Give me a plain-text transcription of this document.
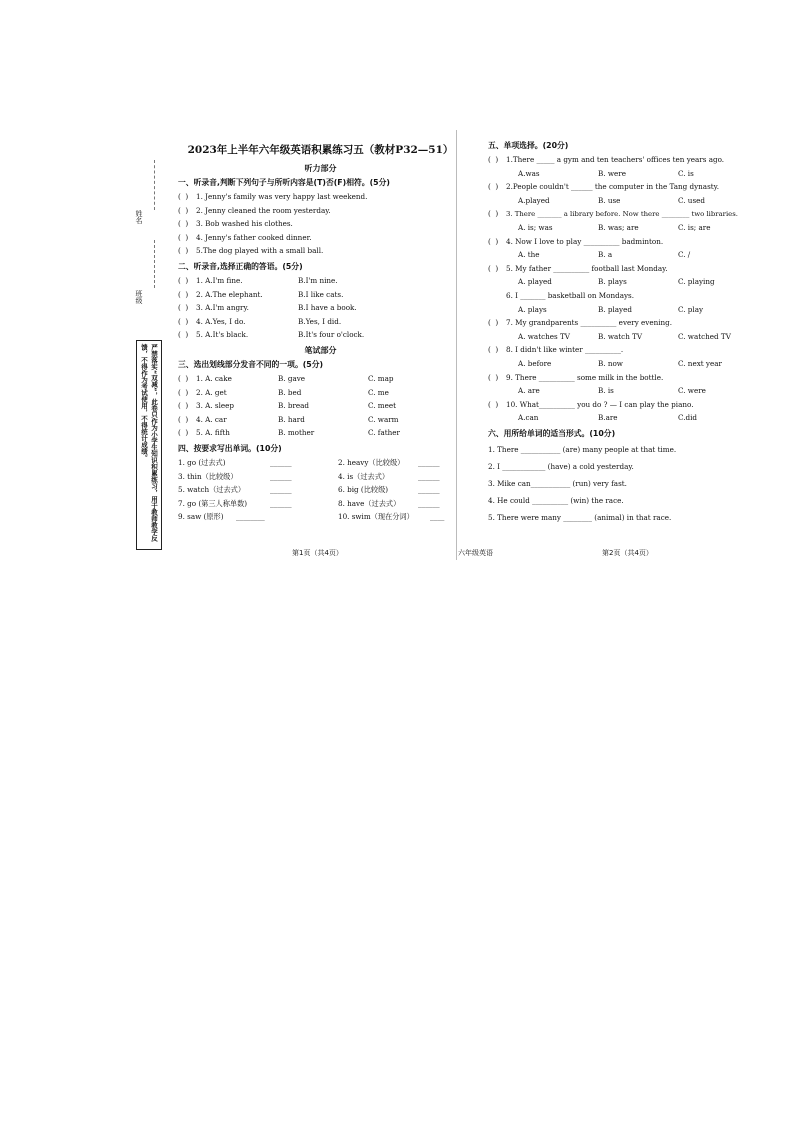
姓名
班级
严禁落实“双减”，此卷只作为小学生知识积累练习，用于教师教学反馈，不得作为考试使用，不得统计成绩。
2023年上半年六年级英语积累练习五（教材P32—51）
听力部分
一、听录音,判断下列句子与所听内容是(T)否(F)相符。(5分)
(  ) 1. Jenny's family was very happy last weekend.
(  ) 2. Jenny cleaned the room yesterday.
(  ) 3. Bob washed his clothes.
(  ) 4. Jenny's father cooked dinner.
(  ) 5.The dog played with a small ball.
二、听录音,选择正确的答语。(5分)
(  ) 1. A.I'm fine.	B.I'm nine.
(  ) 2. A.The elephant.	B.I like cats.
(  ) 3. A.I'm angry.	B.I have a book.
(  ) 4. A.Yes, I do.	B.Yes, I did.
(  ) 5. A.It's black.	B.It's four o'clock.
笔试部分
三、选出划线部分发音不同的一项。(5分)
(  ) 1. A. cake	B. gave	C. map
(  ) 2. A. get	B. bed	C. me
(  ) 3. A. sleep	B. bread	C. meet
(  ) 4. A. car	B. hard	C. warm
(  ) 5. A. fifth	B. mother	C. father
四、按要求写出单词。(10分)
1. go (过去式)	______	2. heavy（比较级） ______
3. thin（比较级）	______	4. is（过去式）	______
5. watch（过去式）	______	6. big (比较级)	______
7. go (第三人称单数)	______	8. have（过去式） ______
9. saw (原形) ________	10. swim（现在分词） ____
五、单项选择。(20分)
(  ) 1.There _____ a gym and ten teachers' offices ten years ago.
A.was	B. were	C. is
(  ) 2.People couldn't ______ the computer in the Tang dynasty.
A.played	B. use	C. used
(  ) 3. There _______ a library before. Now there ________ two libraries.
A. is; was	B. was; are	C. is; are
(  ) 4. Now I love to play __________ badminton.
A. the	B. a	C. /
(  ) 5. My father __________ football last Monday.
A. played	B. plays	C. playing
6. I _______ basketball on Mondays.
A. plays	B. played	C. play
(  ) 7. My grandparents __________ every evening.
A. watches TV	B. watch TV	C. watched TV
(  ) 8. I didn't like winter __________.
A. before	B. now	C. next year
(  ) 9. There __________ some milk in the bottle.
A. are	B. is	C. were
(  ) 10. What__________ you do ? — I can play the piano.
A.can	B.are	C.did
六、用所给单词的适当形式。(10分)
1. There ___________ (are) many people at that time.
2. I ____________ (have) a cold yesterday.
3. Mike can___________ (run) very fast.
4. He could __________ (win) the race.
5. There were many ________ (animal) in that race.
第1页（共4页）	六年级英语	第2页（共4页）
